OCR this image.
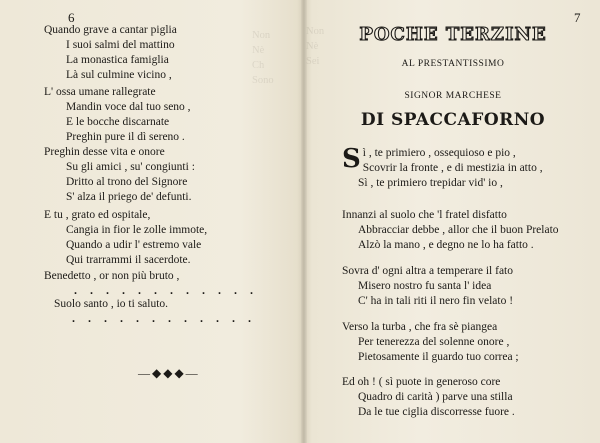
6
Quando grave a cantar piglia
I suoi salmi del mattino
La monastica famiglia
Là sul culmine vicino ,
L' ossa umane rallegrate
Mandin voce dal tuo seno ,
E le bocche discarnate
Preghin pure il dì sereno .
Preghin desse vita e onore
Su gli amici , su' congiunti :
Dritto al trono del Signore
S' alza il priego de' defunti.
E tu , grato ed ospitale,
Cangia in fior le zolle immote,
Quando a udir l' estremo vale
Qui trarrammi il sacerdote.
Benedetto , or non più bruto ,
. . . . . . . . . . . .
Suolo santo , io ti saluto.
. . . . . . . . . . . .
—◆◆◆—
Non
Nè
Ch
Sono
7
POCHE TERZINE
AL PRESTANTISSIMO
SIGNOR MARCHESE
DI SPACCAFORNO
Sì , te primiero , ossequioso e pio ,
Scovrir la fronte , e di mestizia in atto ,
Sì , te primiero trepidar vid' io ,
Innanzi al suolo che 'l fratel disfatto
Abbracciar debbe , allor che il buon Prelato
Alzò la mano , e degno ne lo ha fatto .
Sovra d' ogni altra a temperare il fato
Misero nostro fu santa l' idea
C' ha in tali riti il nero fin velato !
Verso la turba , che fra sè piangea
Per tenerezza del solenne onore ,
Pietosamente il guardo tuo correa ;
Ed oh ! ( sì puote in generoso core
Quadro di carità ) parve una stilla
Da le tue ciglia discorresse fuore .
Non
Nè
Sei
